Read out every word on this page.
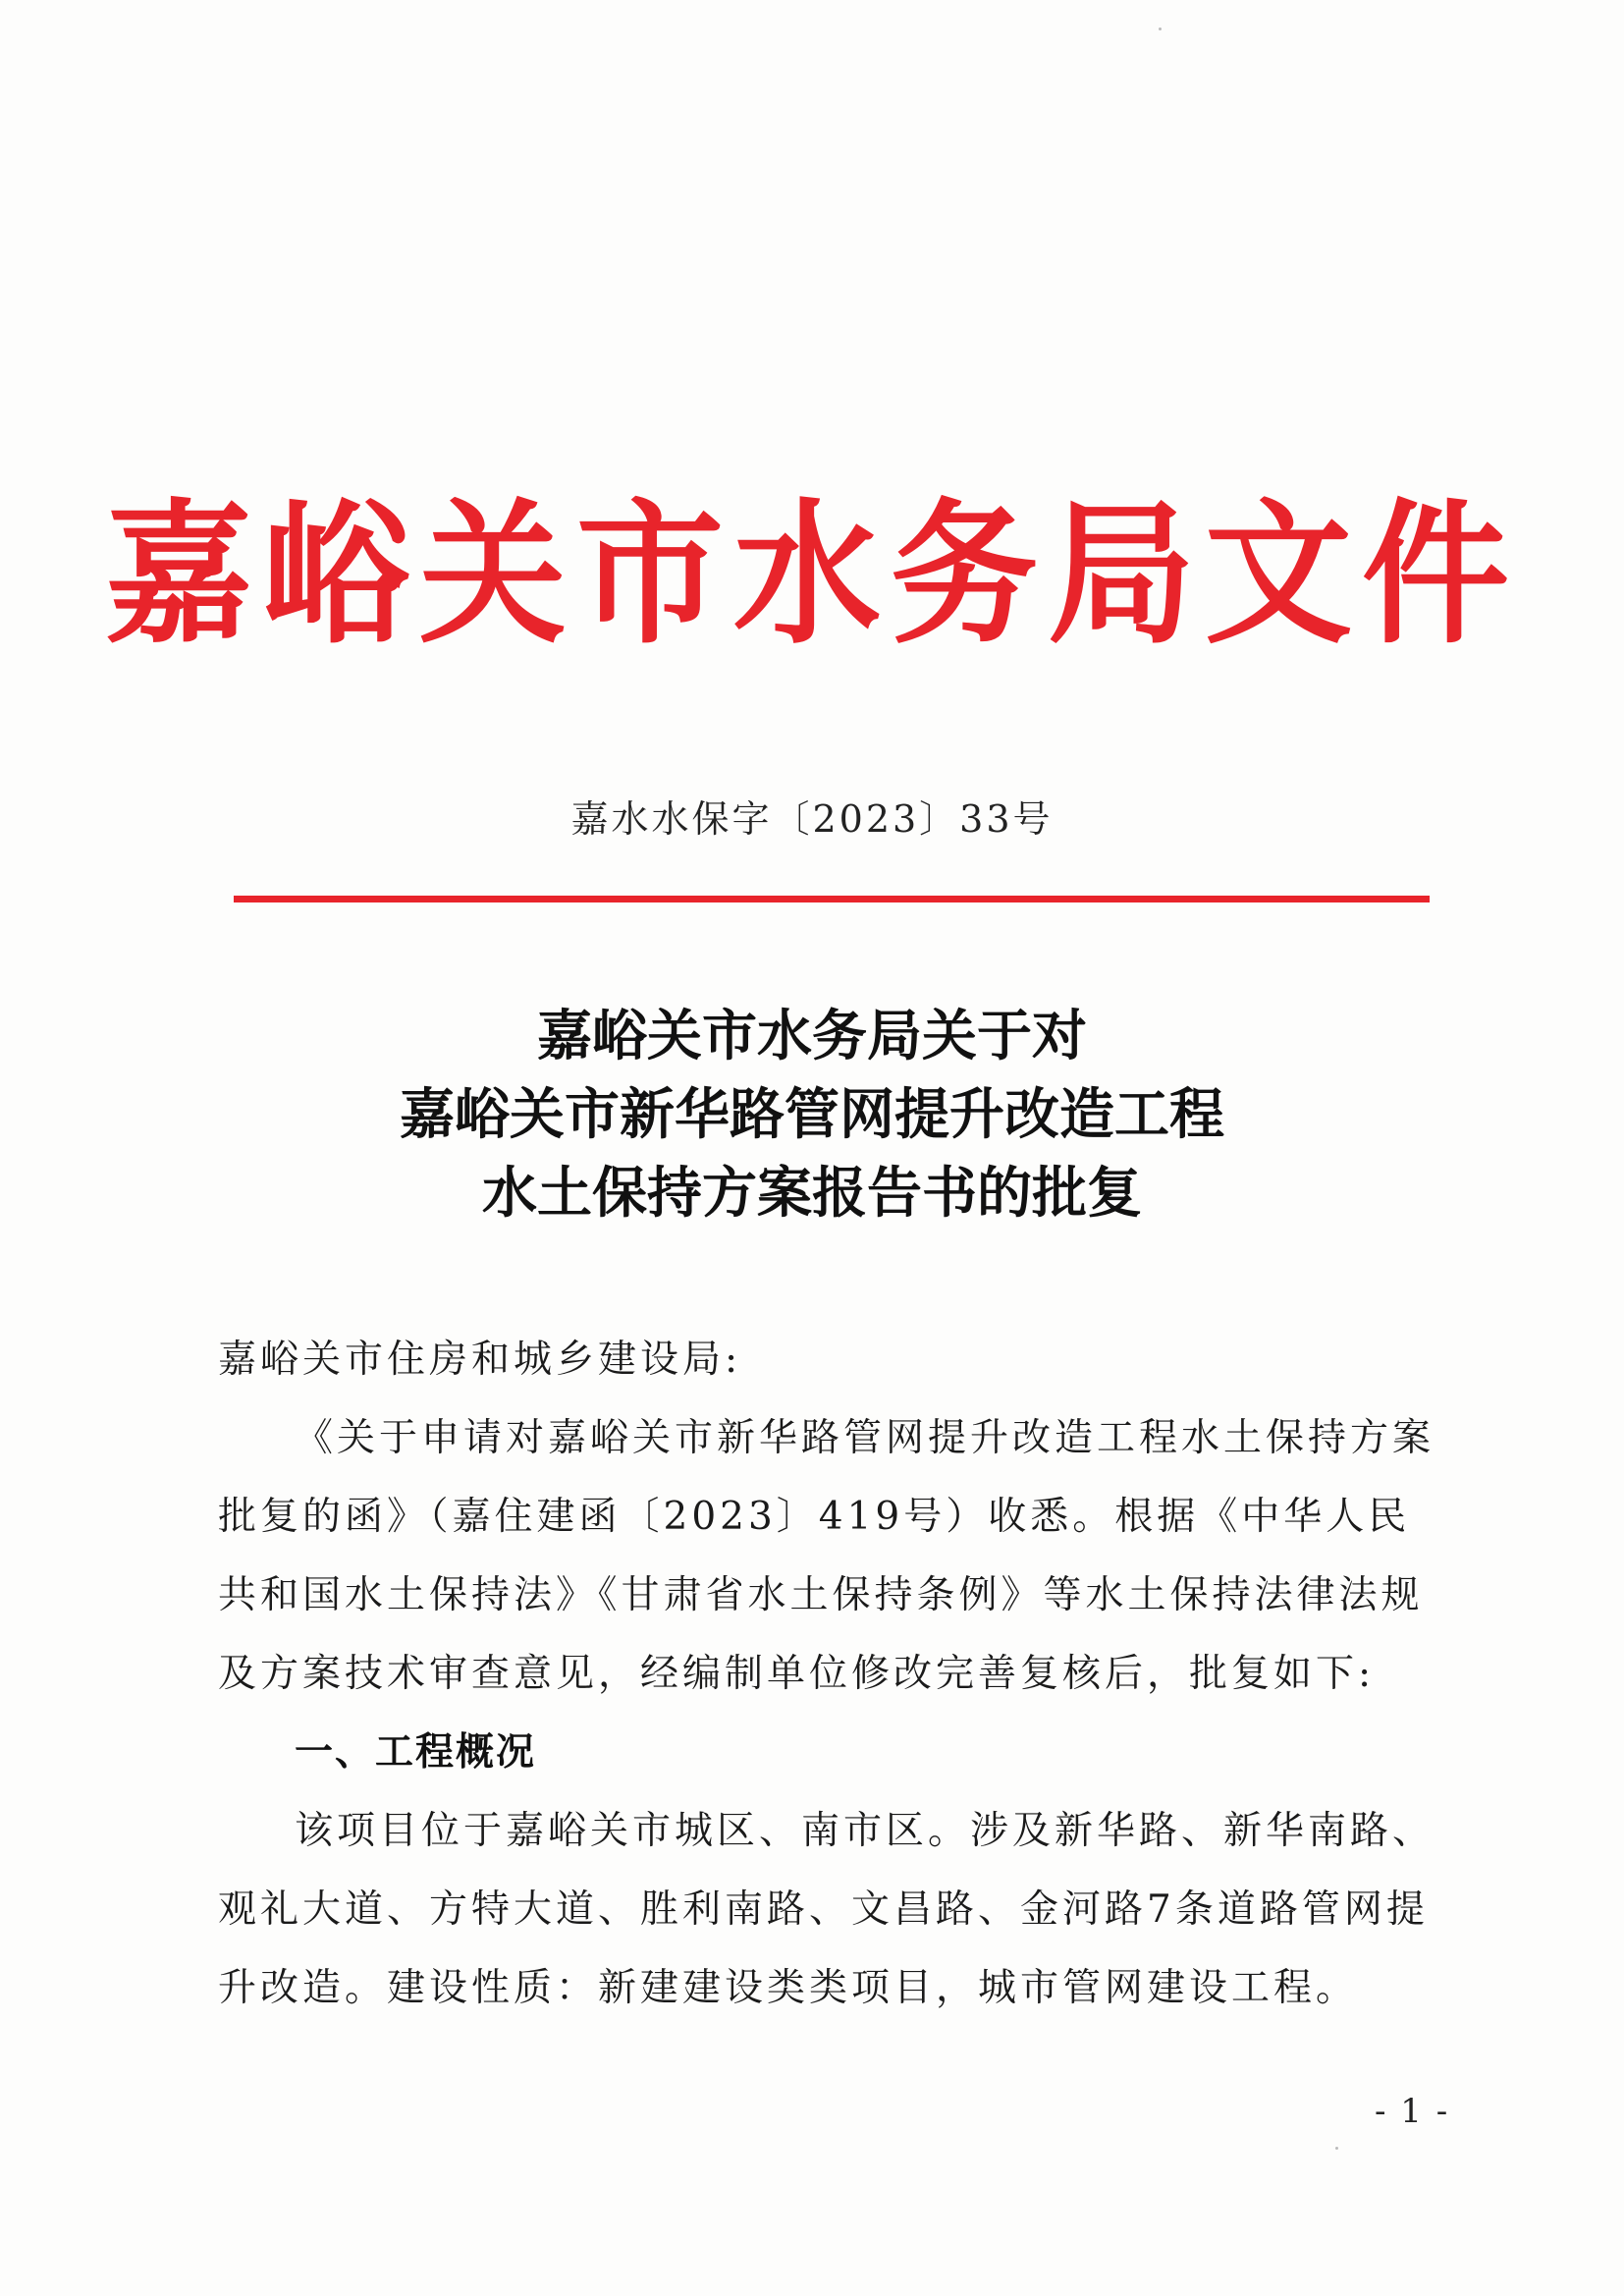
嘉峪关市水务局文件
嘉水水保字〔2023〕33号
嘉峪关市水务局关于对
嘉峪关市新华路管网提升改造工程
水土保持方案报告书的批复
嘉峪关市住房和城乡建设局:
《关于申请对嘉峪关市新华路管网提升改造工程水土保持方案批复的函》（嘉住建函〔2023〕419号）收悉。根据《中华人民共和国水土保持法》《甘肃省水土保持条例》等水土保持法律法规及方案技术审查意见，经编制单位修改完善复核后，批复如下:
一、工程概况
该项目位于嘉峪关市城区、南市区。涉及新华路、新华南路、观礼大道、方特大道、胜利南路、文昌路、金河路7条道路管网提升改造。建设性质：新建建设类类项目，城市管网建设工程。
- 1 -
